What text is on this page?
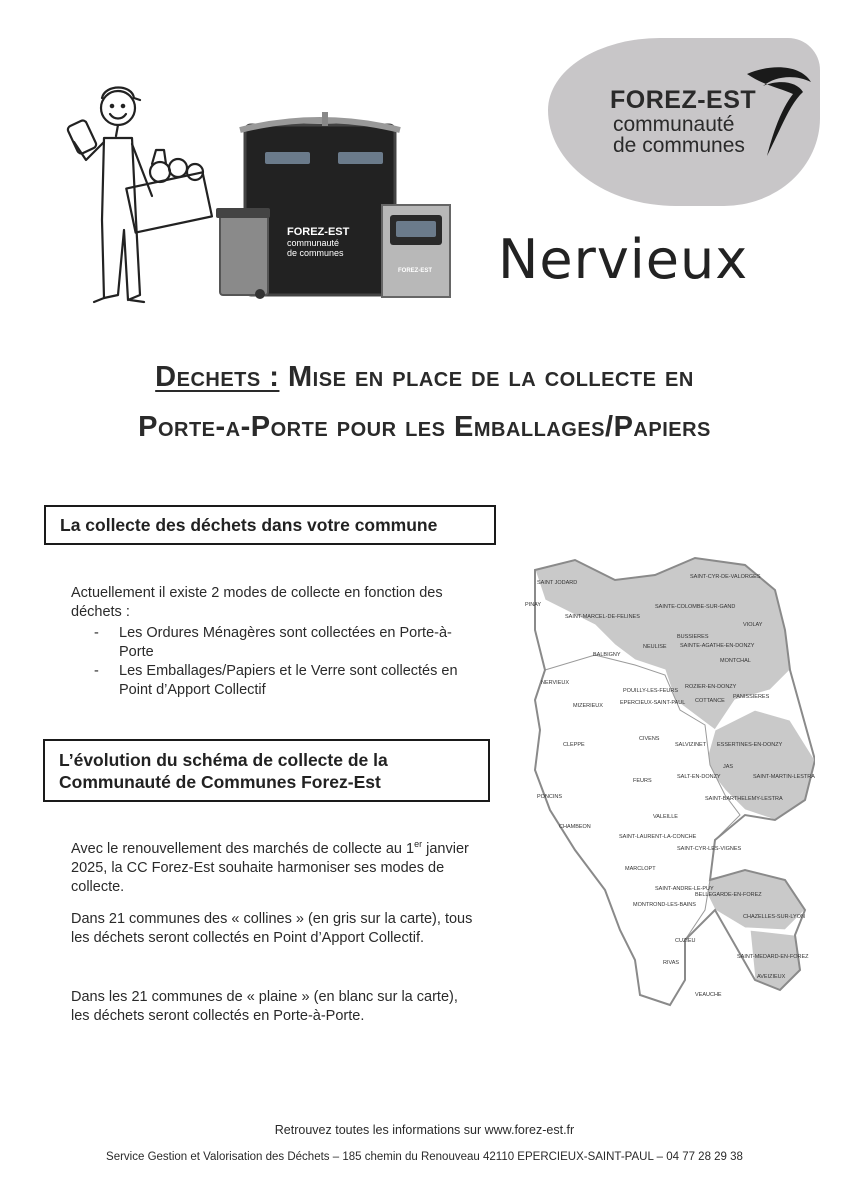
FOREZ-EST
communauté
de communes
FOREZ-EST
communauté
de communes
FOREZ-EST Nervieux
Dechets : Mise en place de la collecte en
Porte-a-Porte pour les Emballages/Papiers
La collecte des déchets dans votre commune
Actuellement il existe 2 modes de collecte en fonction des déchets :
- Les Ordures Ménagères sont collectées en Porte-à-Porte
- Les Emballages/Papiers et le Verre sont collectés en Point d’Apport Collectif
L’évolution du schéma de collecte de la Communauté de Communes Forez-Est
Avec le renouvellement des marchés de collecte au 1er janvier 2025, la CC Forez-Est souhaite harmoniser ses modes de collecte.
Dans 21 communes des « collines » (en gris sur la carte), tous les déchets seront collectés en Point d’Apport Collectif.
Dans les 21 communes de « plaine » (en blanc sur la carte), les déchets seront collectés en Porte-à-Porte.
SAINT JODARD
PINAY
SAINT-MARCEL-DE-FELINES
SAINT-CYR-DE-VALORGES
SAINTE-COLOMBE-SUR-GAND
VIOLAY
NEULISE
BUSSIERES
SAINTE-AGATHE-EN-DONZY
BALBIGNY
MONTCHAL
NERVIEUX
POUILLY-LES-FEURS
ROZIER-EN-DONZY
MIZERIEUX	EPERCIEUX-SAINT-PAUL COTTANCE
PANISSIERES
CLEPPE
CIVENS
SALVIZINET ESSERTINES-EN-DONZY
JAS
SAINT-MARTIN-LESTRA
FEURS
SALT-EN-DONZY
PONCINS	SAINT-BARTHELEMY-LESTRA
VALEILLE
CHAMBEON
SAINT-LAURENT-LA-CONCHE
SAINT-CYR-LES-VIGNES
MARCLOPT
SAINT-ANDRE-LE-PUY
BELLEGARDE-EN-FOREZ
MONTROND-LES-BAINS
CHAZELLES-SUR-LYON
CUZIEU
SAINT-MEDARD-EN-FOREZ
RIVAS
AVEIZIEUX
VEAUCHE
Retrouvez toutes les informations sur www.forez-est.fr
Service Gestion et Valorisation des Déchets – 185 chemin du Renouveau 42110 EPERCIEUX-SAINT-PAUL – 04 77 28 29 38
